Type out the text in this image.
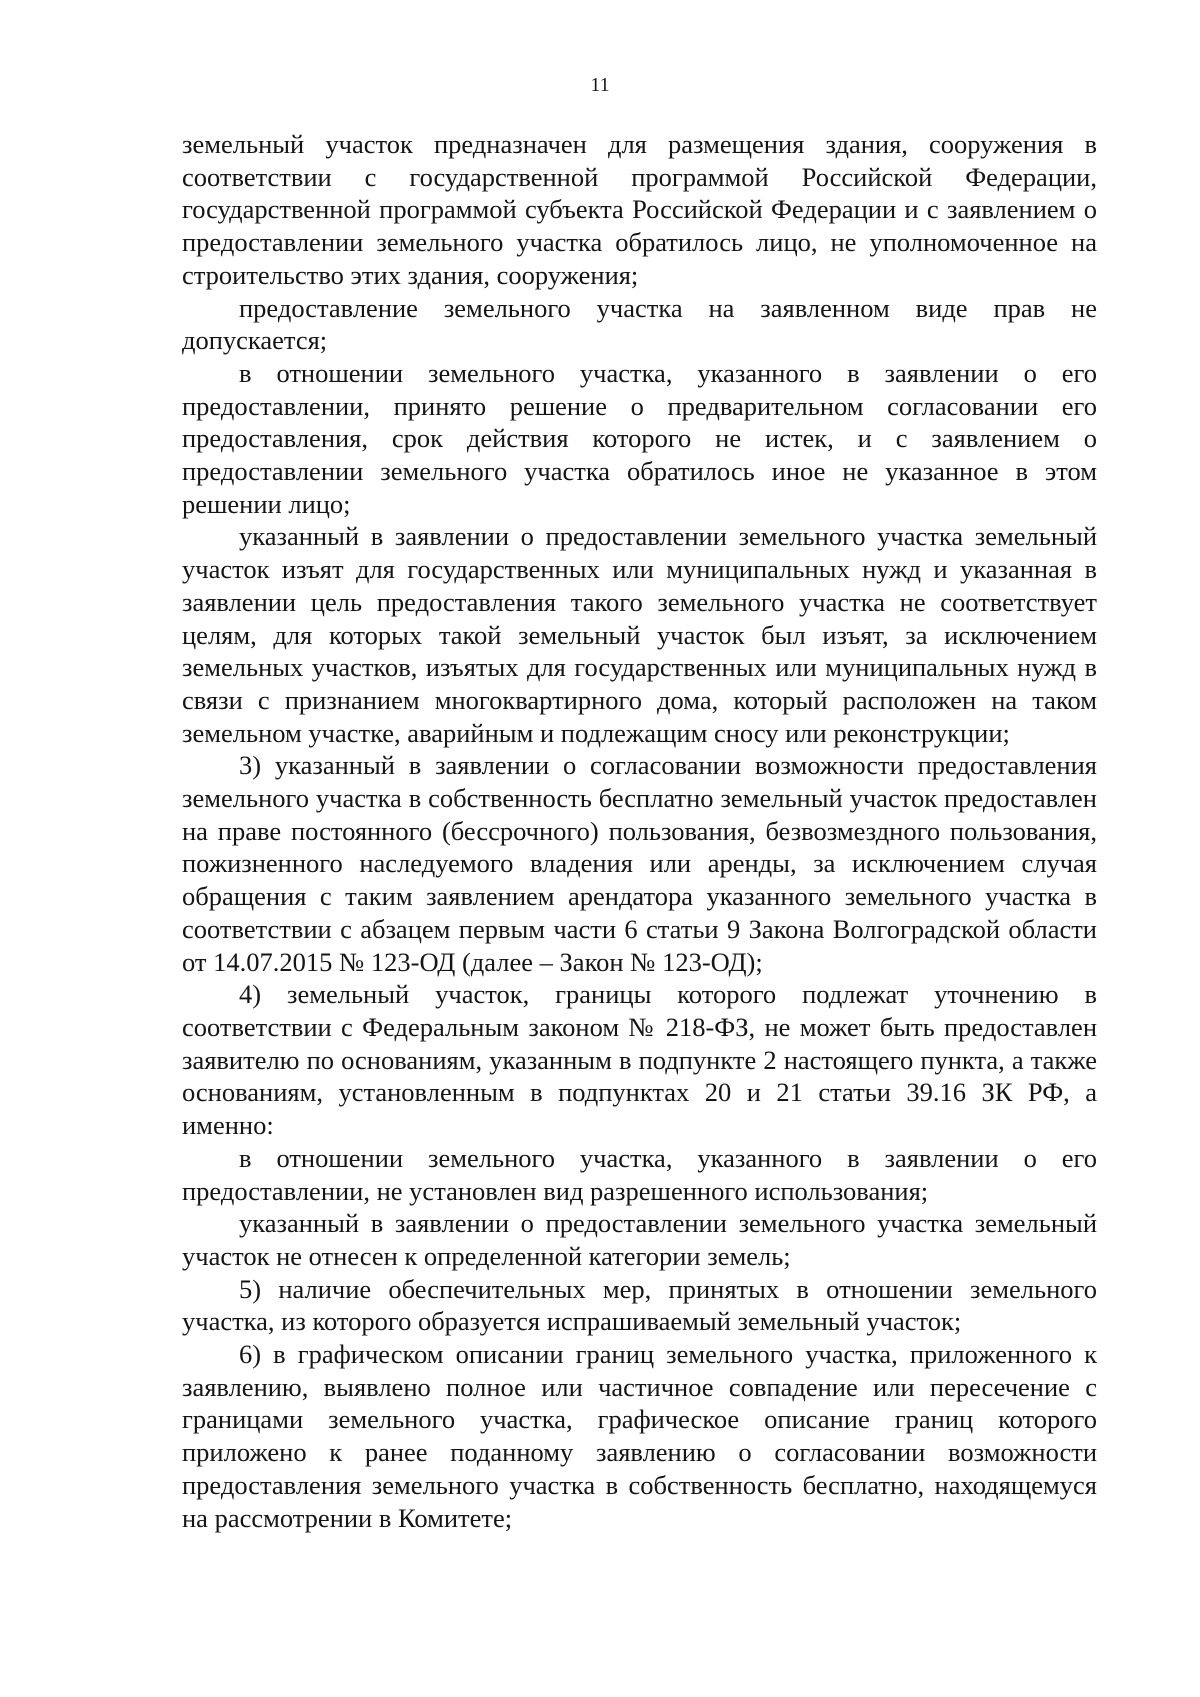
11

земельный участок предназначен для размещения здания, сооружения в соответствии с государственной программой Российской Федерации, государственной программой субъекта Российской Федерации и с заявлением о предоставлении земельного участка обратилось лицо, не уполномоченное на строительство этих здания, сооружения;

предоставление земельного участка на заявленном виде прав не допускается;

в отношении земельного участка, указанного в заявлении о его предоставлении, принято решение о предварительном согласовании его предоставления, срок действия которого не истек, и с заявлением о предоставлении земельного участка обратилось иное не указанное в этом решении лицо;

указанный в заявлении о предоставлении земельного участка земельный участок изъят для государственных или муниципальных нужд и указанная в заявлении цель предоставления такого земельного участка не соответствует целям, для которых такой земельный участок был изъят, за исключением земельных участков, изъятых для государственных или муниципальных нужд в связи с признанием многоквартирного дома, который расположен на таком земельном участке, аварийным и подлежащим сносу или реконструкции;

3) указанный в заявлении о согласовании возможности предоставления земельного участка в собственность бесплатно земельный участок предоставлен на праве постоянного (бессрочного) пользования, безвозмездного пользования, пожизненного наследуемого владения или аренды, за исключением случая обращения с таким заявлением арендатора указанного земельного участка в соответствии с абзацем первым части 6 статьи 9 Закона Волгоградской области от 14.07.2015 № 123-ОД (далее – Закон № 123-ОД);

4) земельный участок, границы которого подлежат уточнению в соответствии с Федеральным законом № 218-ФЗ, не может быть предоставлен заявителю по основаниям, указанным в подпункте 2 настоящего пункта, а также основаниям, установленным в подпунктах 20 и 21 статьи 39.16 ЗК РФ, а именно:

в отношении земельного участка, указанного в заявлении о его предоставлении, не установлен вид разрешенного использования;

указанный в заявлении о предоставлении земельного участка земельный участок не отнесен к определенной категории земель;

5) наличие обеспечительных мер, принятых в отношении земельного участка, из которого образуется испрашиваемый земельный участок;

6) в графическом описании границ земельного участка, приложенного к заявлению, выявлено полное или частичное совпадение или пересечение с границами земельного участка, графическое описание границ которого приложено к ранее поданному заявлению о согласовании возможности предоставления земельного участка в собственность бесплатно, находящемуся на рассмотрении в Комитете;
